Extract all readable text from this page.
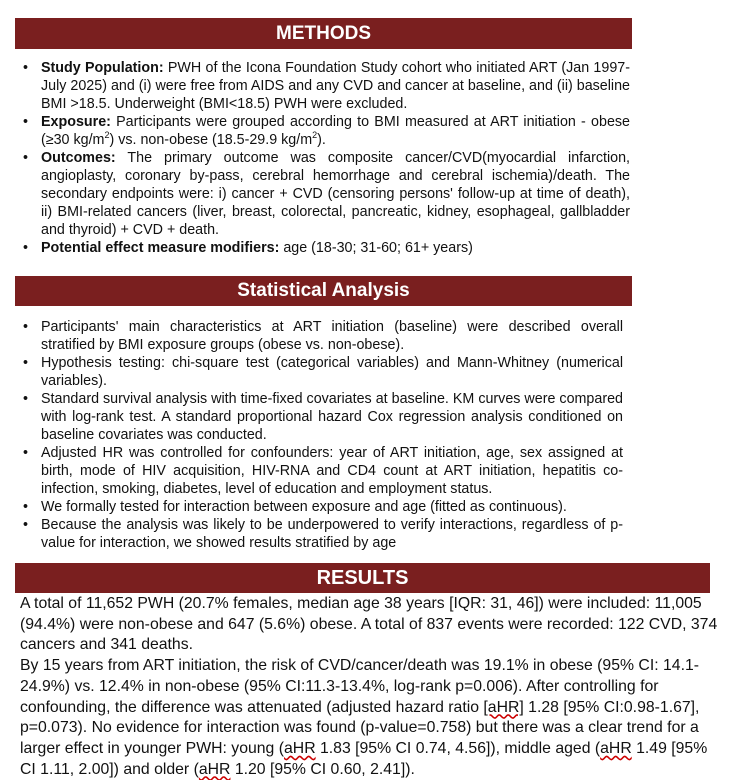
METHODS
• Study Population: PWH of the Icona Foundation Study cohort who initiated ART (Jan 1997-July 2025) and (i) were free from AIDS and any CVD and cancer at baseline, and (ii) baseline BMI >18.5. Underweight (BMI<18.5) PWH were excluded.
• Exposure: Participants were grouped according to BMI measured at ART initiation - obese (≥30 $kg/m^2$) vs. non-obese (18.5-29.9 $kg/m^2$).
• Outcomes: The primary outcome was composite cancer/CVD(myocardial infarction, angioplasty, coronary by-pass, cerebral hemorrhage and cerebral ischemia)/death. The secondary endpoints were: i) cancer + CVD (censoring persons' follow-up at time of death), ii) BMI-related cancers (liver, breast, colorectal, pancreatic, kidney, esophageal, gallbladder and thyroid) + CVD + death.
• Potential effect measure modifiers: age (18-30; 31-60; 61+ years)
Statistical Analysis
• Participants' main characteristics at ART initiation (baseline) were described overall stratified by BMI exposure groups (obese vs. non-obese).
• Hypothesis testing: chi-square test (categorical variables) and Mann-Whitney (numerical variables).
• Standard survival analysis with time-fixed covariates at baseline. KM curves were compared with log-rank test. A standard proportional hazard Cox regression analysis conditioned on baseline covariates was conducted.
• Adjusted HR was controlled for confounders: year of ART initiation, age, sex assigned at birth, mode of HIV acquisition, HIV-RNA and CD4 count at ART initiation, hepatitis co-infection, smoking, diabetes, level of education and employment status.
• We formally tested for interaction between exposure and age (fitted as continuous).
• Because the analysis was likely to be underpowered to verify interactions, regardless of p-value for interaction, we showed results stratified by age
RESULTS
A total of 11,652 PWH (20.7% females, median age 38 years [IQR: 31, 46]) were included: 11,005 (94.4%) were non-obese and 647 (5.6%) obese. A total of 837 events were recorded: 122 CVD, 374 cancers and 341 deaths.
By 15 years from ART initiation, the risk of CVD/cancer/death was 19.1% in obese (95% CI: 14.1-24.9%) vs. 12.4% in non-obese (95% CI:11.3-13.4%, log-rank p=0.006). After controlling for confounding, the difference was attenuated (adjusted hazard ratio [aHR] 1.28 [95% CI:0.98-1.67], p=0.073). No evidence for interaction was found (p-value=0.758) but there was a clear trend for a larger effect in younger PWH: young (aHR 1.83 [95% CI 0.74, 4.56]), middle aged (aHR 1.49 [95% CI 1.11, 2.00]) and older (aHR 1.20 [95% CI 0.60, 2.41]).
